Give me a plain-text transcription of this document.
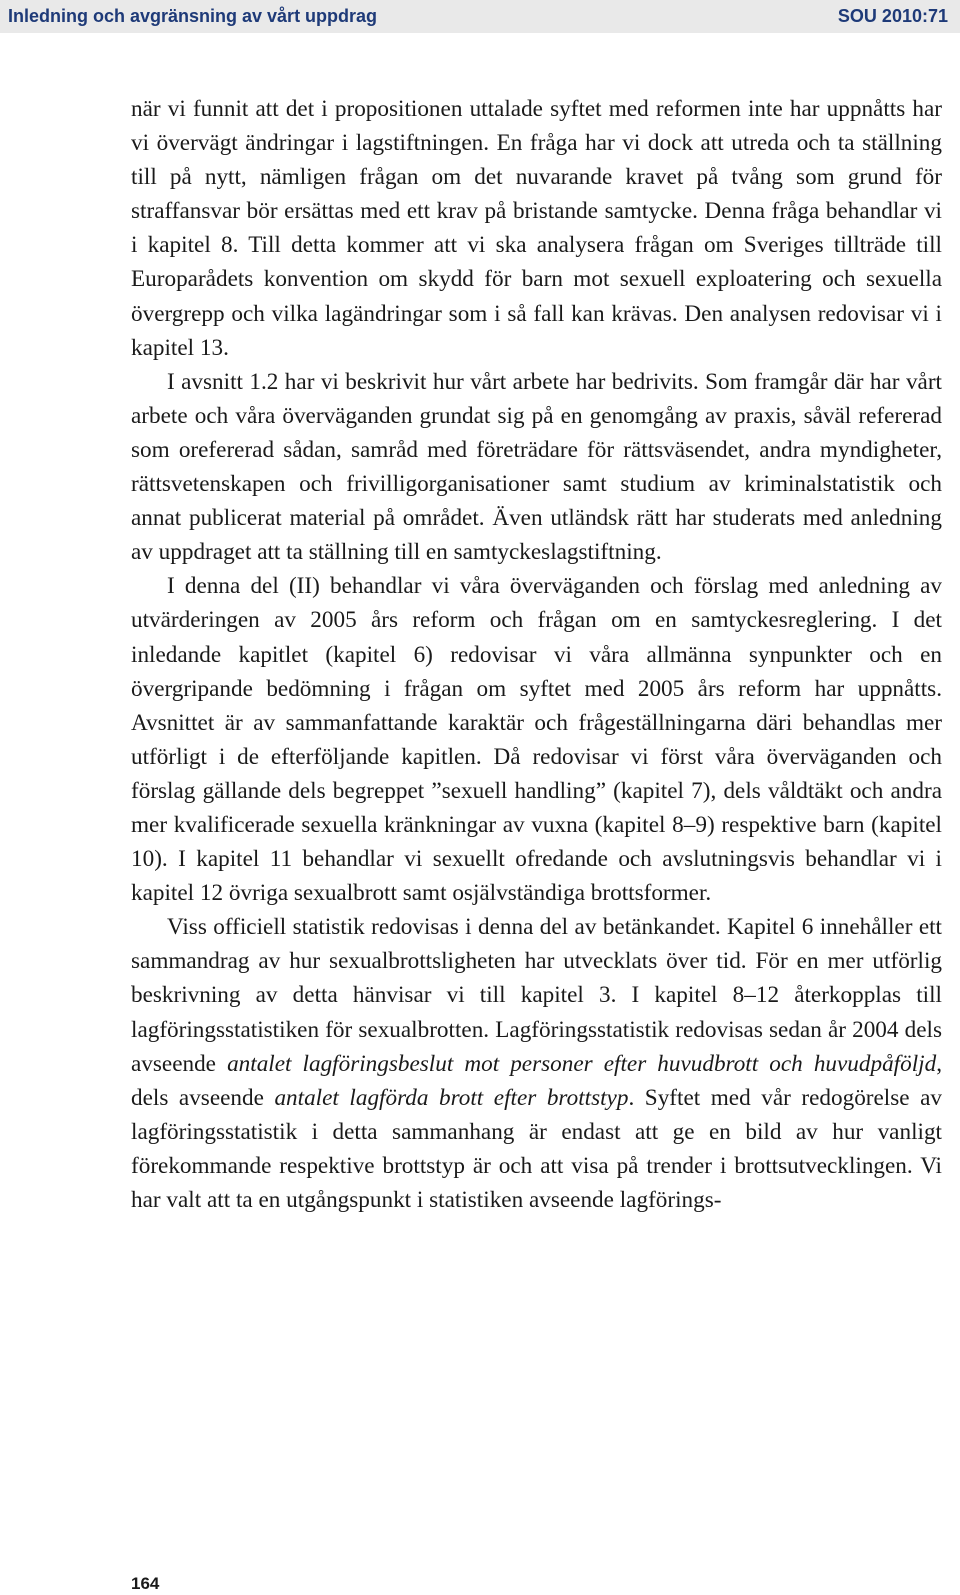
Inledning och avgränsning av vårt uppdrag	SOU 2010:71

när vi funnit att det i propositionen uttalade syftet med reformen inte har uppnåtts har vi övervägt ändringar i lagstiftningen. En fråga har vi dock att utreda och ta ställning till på nytt, nämligen frågan om det nuvarande kravet på tvång som grund för straffansvar bör ersättas med ett krav på bristande samtycke. Denna fråga behandlar vi i kapitel 8. Till detta kommer att vi ska analysera frågan om Sveriges tillträde till Europarådets konvention om skydd för barn mot sexuell exploatering och sexuella övergrepp och vilka lagändringar som i så fall kan krävas. Den analysen redovisar vi i kapitel 13.

I avsnitt 1.2 har vi beskrivit hur vårt arbete har bedrivits. Som framgår där har vårt arbete och våra överväganden grundat sig på en genomgång av praxis, såväl refererad som orefererad sådan, samråd med företrädare för rättsväsendet, andra myndigheter, rättsvetenskapen och frivilligorganisationer samt studium av kriminalstatistik och annat publicerat material på området. Även utländsk rätt har studerats med anledning av uppdraget att ta ställning till en samtyckeslagstiftning.

I denna del (II) behandlar vi våra överväganden och förslag med anledning av utvärderingen av 2005 års reform och frågan om en samtyckesreglering. I det inledande kapitlet (kapitel 6) redovisar vi våra allmänna synpunkter och en övergripande bedömning i frågan om syftet med 2005 års reform har uppnåtts. Avsnittet är av sammanfattande karaktär och frågeställningarna däri behandlas mer utförligt i de efterföljande kapitlen. Då redovisar vi först våra överväganden och förslag gällande dels begreppet ”sexuell handling” (kapitel 7), dels våldtäkt och andra mer kvalificerade sexuella kränkningar av vuxna (kapitel 8–9) respektive barn (kapitel 10). I kapitel 11 behandlar vi sexuellt ofredande och avslutningsvis behandlar vi i kapitel 12 övriga sexualbrott samt osjälvständiga brottsformer.

Viss officiell statistik redovisas i denna del av betänkandet. Kapitel 6 innehåller ett sammandrag av hur sexualbrottsligheten har utvecklats över tid. För en mer utförlig beskrivning av detta hänvisar vi till kapitel 3. I kapitel 8–12 återkopplas till lagföringsstatistiken för sexualbrotten. Lagföringsstatistik redovisas sedan år 2004 dels avseende antalet lagföringsbeslut mot personer efter huvudbrott och huvudpåföljd, dels avseende antalet lagförda brott efter brottstyp. Syftet med vår redogörelse av lagföringsstatistik i detta sammanhang är endast att ge en bild av hur vanligt förekommande respektive brottstyp är och att visa på trender i brottsutvecklingen. Vi har valt att ta en utgångspunkt i statistiken avseende lagförings-

164
